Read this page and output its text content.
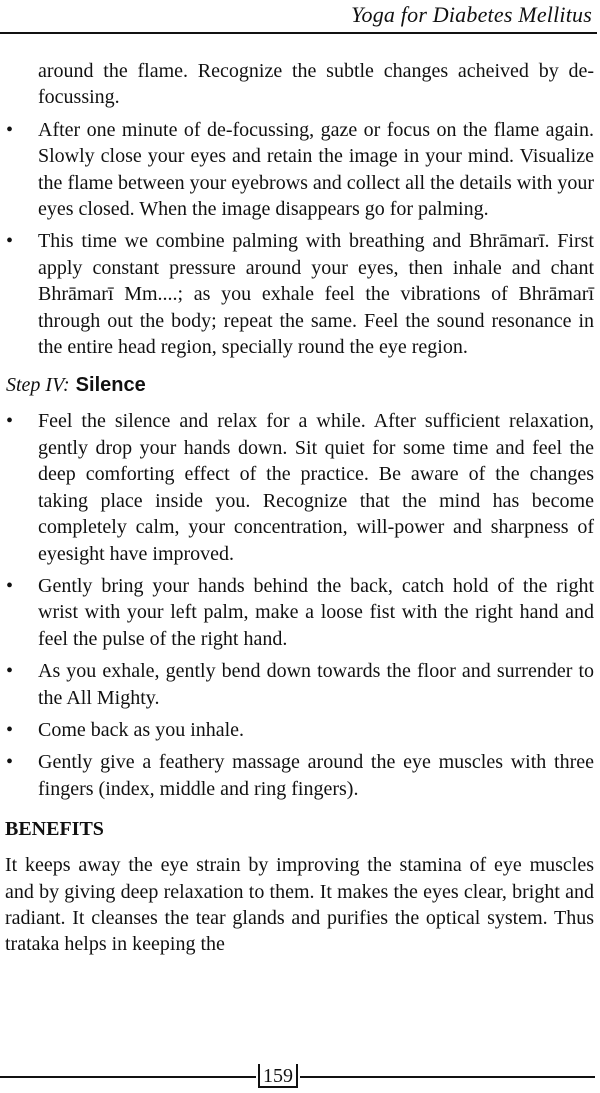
Yoga for Diabetes Mellitus

around the flame. Recognize the subtle changes acheived by de-focussing.

• After one minute of de-focussing, gaze or focus on the flame again. Slowly close your eyes and retain the image in your mind. Visualize the flame between your eyebrows and collect all the details with your eyes closed. When the image disappears go for palming.
• This time we combine palming with breathing and Bhrāmarī. First apply constant pressure around your eyes, then inhale and chant Bhrāmarī Mm....; as you exhale feel the vibrations of Bhrāmarī through out the body; repeat the same. Feel the sound resonance in the entire head region, specially round the eye region.
Step IV: Silence
• Feel the silence and relax for a while. After sufficient relaxation, gently drop your hands down. Sit quiet for some time and feel the deep comforting effect of the practice. Be aware of the changes taking place inside you. Recognize that the mind has become completely calm, your concentration, will-power and sharpness of eyesight have improved.
• Gently bring your hands behind the back, catch hold of the right wrist with your left palm, make a loose fist with the right hand and feel the pulse of the right hand.
• As you exhale, gently bend down towards the floor and surrender to the All Mighty.
• Come back as you inhale.
• Gently give a feathery massage around the eye muscles with three fingers (index, middle and ring fingers).
BENEFITS

It keeps away the eye strain by improving the stamina of eye muscles and by giving deep relaxation to them. It makes the eyes clear, bright and radiant. It cleanses the tear glands and purifies the optical system. Thus trataka helps in keeping the

159
